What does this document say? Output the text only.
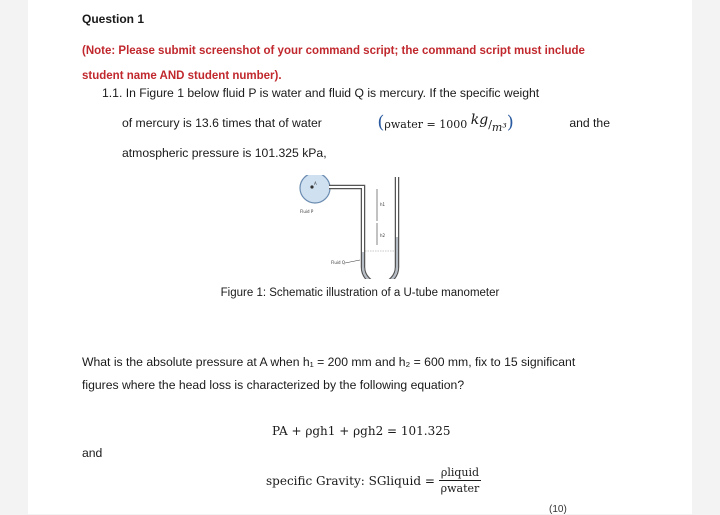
Question 1
(Note: Please submit screenshot of your command script; the command script must include student name AND student number).
1.1. In Figure 1 below fluid P is water and fluid Q is mercury. If the specific weight
of mercury is 13.6 times that of water	(ρwater = 1000 kg/m³)	and the
atmospheric pressure is 101.325 kPa,
A
Fluid P
Fluid Q
h1
h2
Figure 1: Schematic illustration of a U-tube manometer
What is the absolute pressure at A when h₁ = 200 mm and h₂ = 600 mm, fix to 15 significant figures where the head loss is characterized by the following equation?
PA + ρgh1 + ρgh2 = 101.325
and
specific Gravity: SGliquid = $\frac{\text{ρliquid}}{\text{ρwater}}$
(10)
